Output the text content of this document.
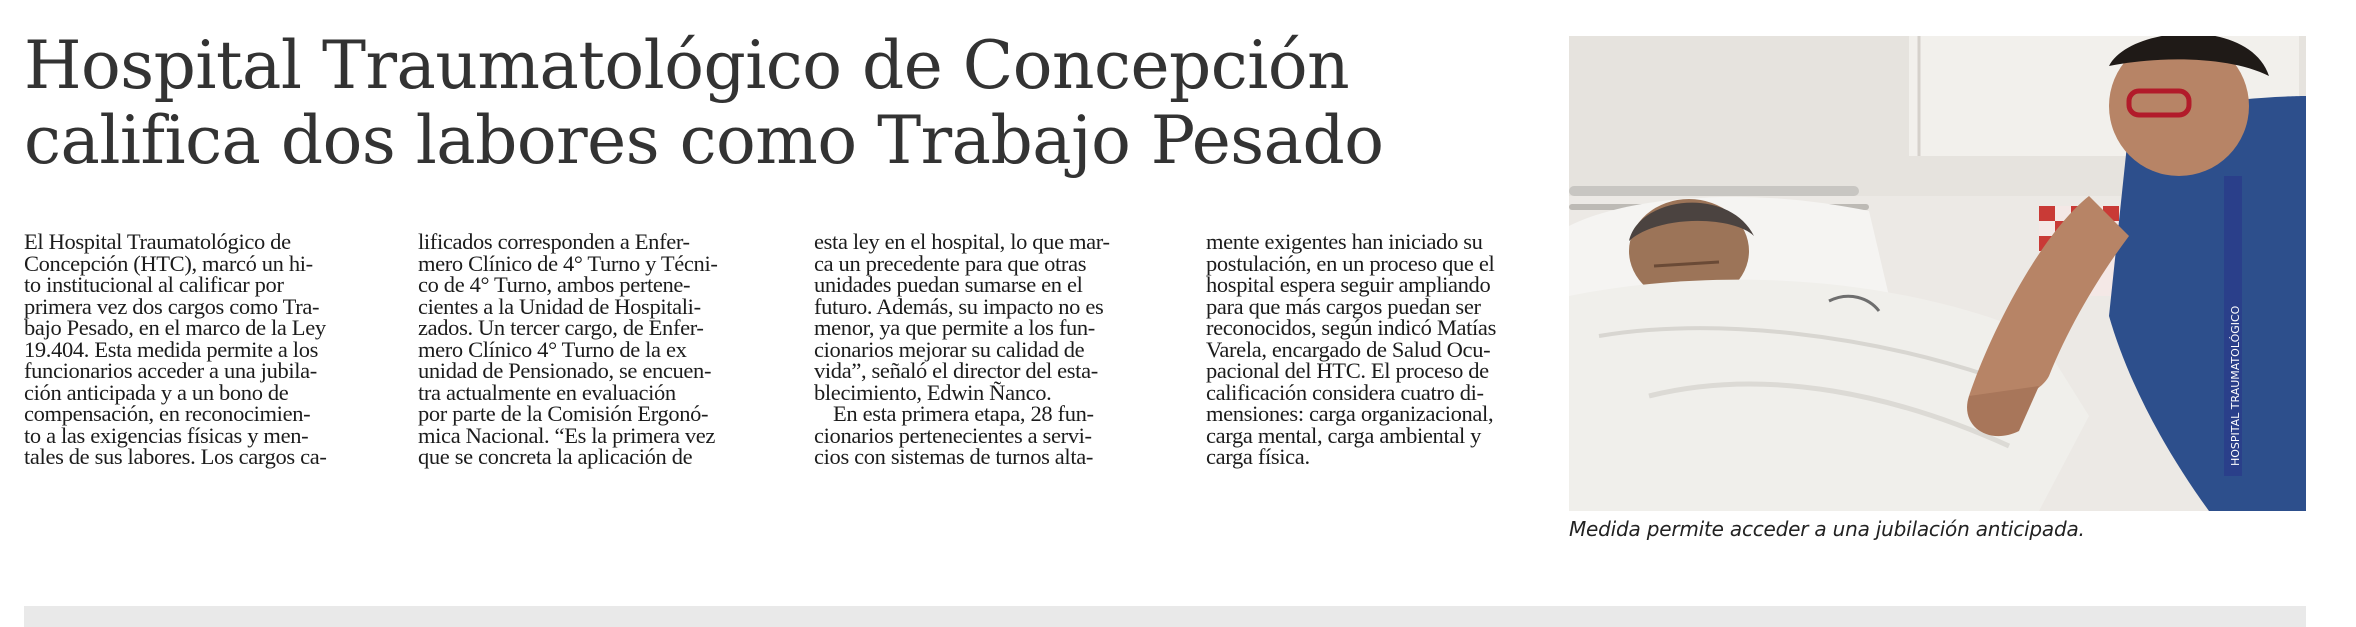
Hospital Traumatológico de Concepción
califica dos labores como Trabajo Pesado
El Hospital Traumatológico de
Concepción (HTC), marcó un hi-
to institucional al calificar por
primera vez dos cargos como Tra-
bajo Pesado, en el marco de la Ley
19.404. Esta medida permite a los
funcionarios acceder a una jubila-
ción anticipada y a un bono de
compensación, en reconocimien-
to a las exigencias físicas y men-
tales de sus labores. Los cargos ca-
lificados corresponden a Enfer-
mero Clínico de 4° Turno y Técni-
co de 4° Turno, ambos pertene-
cientes a la Unidad de Hospitali-
zados. Un tercer cargo, de Enfer-
mero Clínico 4° Turno de la ex
unidad de Pensionado, se encuen-
tra actualmente en evaluación
por parte de la Comisión Ergonó-
mica Nacional. “Es la primera vez
que se concreta la aplicación de
esta ley en el hospital, lo que mar-
ca un precedente para que otras
unidades puedan sumarse en el
futuro. Además, su impacto no es
menor, ya que permite a los fun-
cionarios mejorar su calidad de
vida”, señaló el director del esta-
blecimiento, Edwin Ñanco.
En esta primera etapa, 28 fun-
cionarios pertenecientes a servi-
cios con sistemas de turnos alta-
mente exigentes han iniciado su
postulación, en un proceso que el
hospital espera seguir ampliando
para que más cargos puedan ser
reconocidos, según indicó Matías
Varela, encargado de Salud Ocu-
pacional del HTC. El proceso de
calificación considera cuatro di-
mensiones: carga organizacional,
carga mental, carga ambiental y
carga física.	HOSPITAL TRAUMATOLÓGICO
Medida permite acceder a una jubilación anticipada.
